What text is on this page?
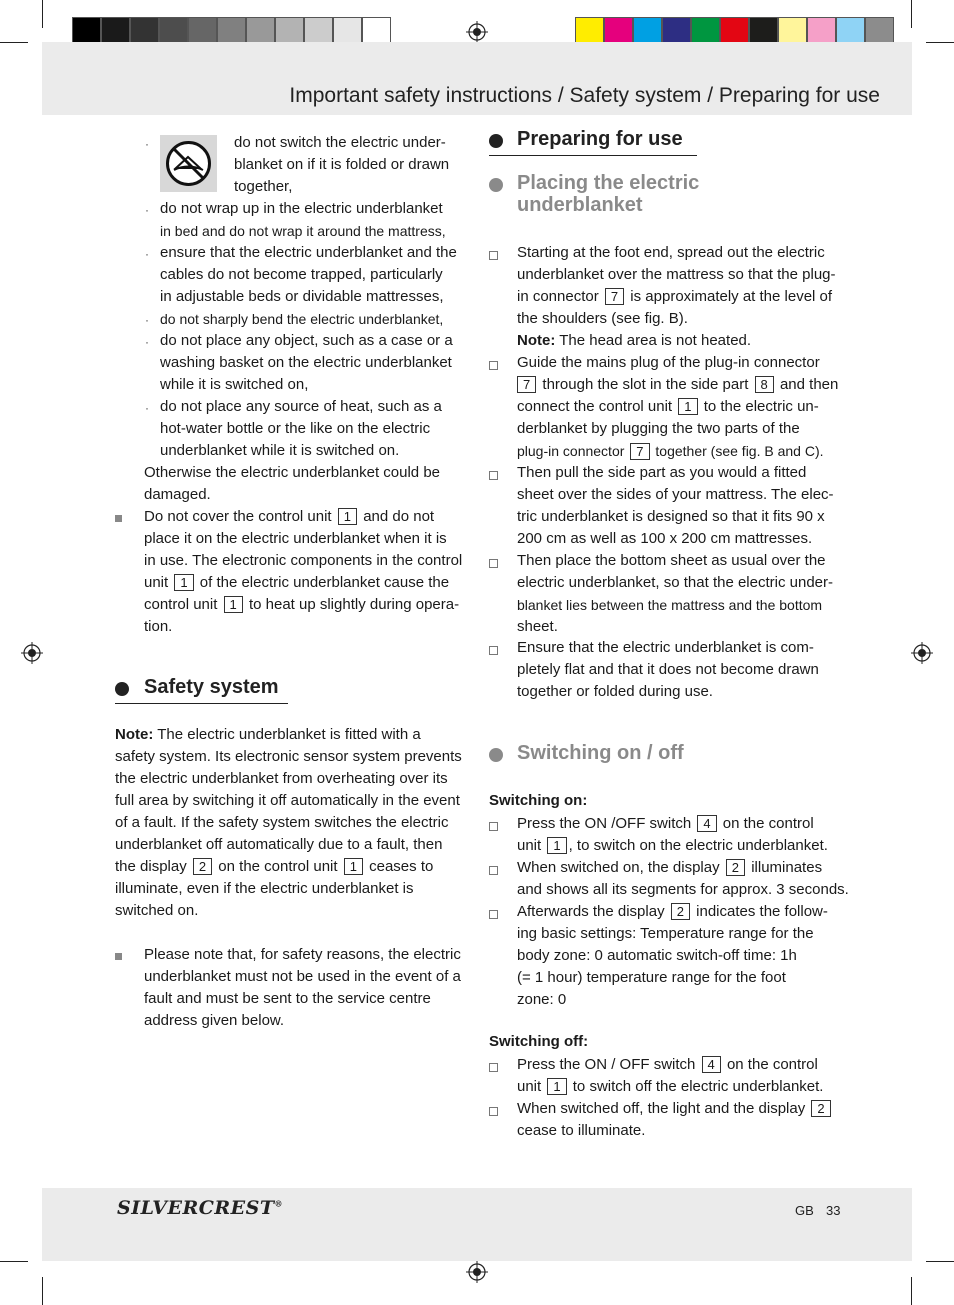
Important safety instructions / Safety system / Preparing for use
·	do not switch the electric under-
blanket on if it is folded or drawn
together,
· do not wrap up in the electric underblanket
in bed and do not wrap it around the mattress,
· ensure that the electric underblanket and the
cables do not become trapped, particularly
in adjustable beds or dividable mattresses,
· do not sharply bend the electric underblanket,
· do not place any object, such as a case or a
washing basket on the electric underblanket
while it is switched on,
· do not place any source of heat, such as a
hot-water bottle or the like on the electric
underblanket while it is switched on.
Otherwise the electric underblanket could be
damaged.
Do not cover the control unit 1 and do not
place it on the electric underblanket when it is
in use. The electronic components in the control
unit 1 of the electric underblanket cause the
control unit 1 to heat up slightly during opera-
tion.
Safety system
Note: The electric underblanket is fitted with a
safety system. Its electronic sensor system prevents
the electric underblanket from overheating over its
full area by switching it off automatically in the event
of a fault. If the safety system switches the electric
underblanket off automatically due to a fault, then
the display 2 on the control unit 1 ceases to
illuminate, even if the electric underblanket is
switched on.
Please note that, for safety reasons, the electric
underblanket must not be used in the event of a
fault and must be sent to the service centre
address given below.
Preparing for use
Placing the electric
underblanket
Starting at the foot end, spread out the electric
underblanket over the mattress so that the plug-
in connector 7 is approximately at the level of
the shoulders (see fig. B).
Note: The head area is not heated.
Guide the mains plug of the plug-in connector
7 through the slot in the side part 8 and then
connect the control unit 1 to the electric un-
derblanket by plugging the two parts of the
plug-in connector 7 together (see fig. B and C).
Then pull the side part as you would a fitted
sheet over the sides of your mattress. The elec-
tric underblanket is designed so that it fits 90 x
200 cm as well as 100 x 200 cm mattresses.
Then place the bottom sheet as usual over the
electric underblanket, so that the electric under-
blanket lies between the mattress and the bottom
sheet.
Ensure that the electric underblanket is com-
pletely flat and that it does not become drawn
together or folded during use.
Switching on / off
Switching on:
Press the ON /OFF switch 4 on the control
unit 1 , to switch on the electric underblanket.
When switched on, the display 2 illuminates
and shows all its segments for approx. 3 seconds.
Afterwards the display 2 indicates the follow-
ing basic settings: Temperature range for the
body zone: 0 automatic switch-off time: 1h
(= 1 hour) temperature range for the foot
zone: 0
Switching off:
Press the ON / OFF switch 4 on the control
unit 1 to switch off the electric underblanket.
When switched off, the light and the display 2
cease to illuminate.
SILVERCREST®	GB 33
